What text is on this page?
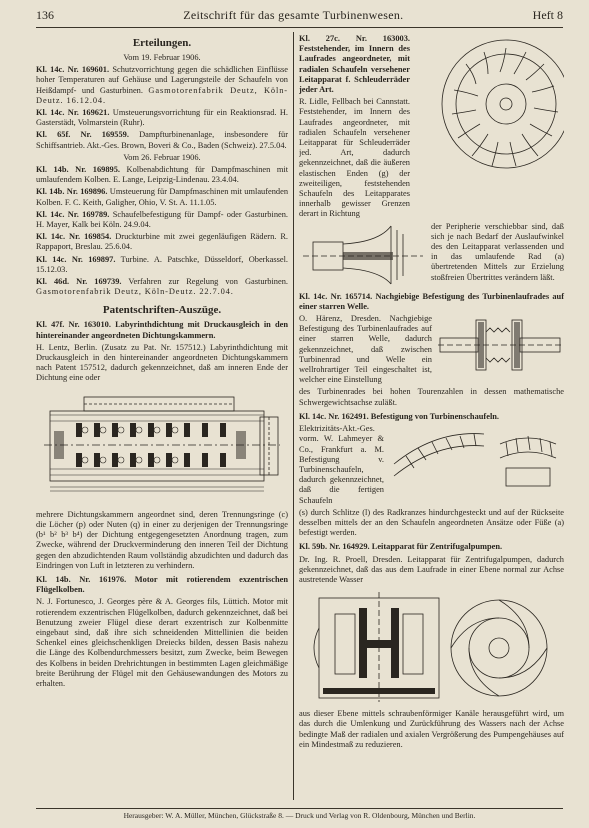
136	Zeitschrift für das gesamte Turbinenwesen.	Heft 8
Erteilungen.
Vom 19. Februar 1906.

Kl. 14c. Nr. 169601. Schutzvorrichtung gegen die schädlichen Einflüsse hoher Temperaturen auf Gehäuse und Lagerungsteile der Schaufeln von Heißdampf- und Gasturbinen. Gasmotorenfabrik Deutz, Köln-Deutz. 16.12.04.

Kl. 14c. Nr. 169621. Umsteuerungsvorrichtung für ein Reaktionsrad. H. Gasterstädt, Volmarstein (Ruhr).

Kl. 65f. Nr. 169559. Dampfturbinenanlage, insbesondere für Schiffsantrieb. Akt.-Ges. Brown, Boveri & Co., Baden (Schweiz). 27.5.04.

Vom 26. Februar 1906.

Kl. 14b. Nr. 169895. Kolbenabdichtung für Dampfmaschinen mit umlaufendem Kolben. E. Lange, Leipzig-Lindenau. 23.4.04.

Kl. 14b. Nr. 169896. Umsteuerung für Dampfmaschinen mit umlaufenden Kolben. F. C. Keith, Galigher, Ohio, V. St. A. 11.1.05.

Kl. 14c. Nr. 169789. Schaufelbefestigung für Dampf- oder Gasturbinen. H. Mayer, Kalk bei Köln. 24.9.04.

Kl. 14c. Nr. 169854. Druckturbine mit zwei gegenläufigen Rädern. R. Rappaport, Breslau. 25.6.04.

Kl. 14c. Nr. 169897. Turbine. A. Patschke, Düsseldorf, Oberkassel. 15.12.03.

Kl. 46d. Nr. 169739. Verfahren zur Regelung von Gasturbinen. Gasmotorenfabrik Deutz, Köln-Deutz. 22.7.04.

Patentschriften-Auszüge.

Kl. 47f. Nr. 163010. Labyrinthdichtung mit Druckausgleich in den hintereinander angeordneten Dichtungskammern.

H. Lentz, Berlin. (Zusatz zu Pat. Nr. 157512.) Labyrinthdichtung mit Druckausgleich in den hintereinander angeordneten Dichtungskammern nach Patent 157512, dadurch gekennzeichnet, daß am inneren Ende der Dichtung eine oder

mehrere Dichtungskammern angeordnet sind, deren Trennungsringe (c) die Löcher (p) oder Nuten (q) in einer zu derjenigen der Trennungsringe (b¹ b² b³ b⁴) der Dichtung entgegengesetzten Anordnung tragen, zum Zwecke, während der Druckverminderung den inneren Teil der Dichtung gegen den abzudichtenden Raum vollständig abzudichten und dadurch das Eindringen von Luft in letzteren zu verhindern.

Kl. 14b. Nr. 161976. Motor mit rotierendem exzentrischen Flügelkolben.

N. J. Fortunesco, J. Georges père & A. Georges fils, Lüttich. Motor mit rotierendem exzentrischen Flügelkolben, dadurch gekennzeichnet, daß bei Benutzung zweier Flügel diese derart exzentrisch zur Kolbenmitte eingebaut sind, daß ihre sich schneidenden Mittellinien die beiden Schenkel eines gleichschenkligen Dreiecks bilden, dessen Basis nahezu die Länge des Kolbendurchmessers besitzt, zum Zwecke, beim Bewegen des Kolbens in beiden Drehrichtungen in bestimmten Lagen gleichmäßige breite Berührung der Flügel mit den Gehäusewandungen des Motors zu erhalten.

Kl. 27c. Nr. 163003. Feststehender, im Innern des Laufrades angeordneter, mit radialen Schaufeln versehener Leitapparat f. Schleuderräder jeder Art.

R. Lidle, Fellbach bei Cannstatt. Feststehender, im Innern des Laufrades angeordneter, mit radialen Schaufeln versehener Leitapparat für Schleuderräder jed. Art, dadurch gekennzeichnet, daß die äußeren elastischen Enden (g) der zweiteiligen, feststehenden Schaufeln des Leitapparates innerhalb gewisser Grenzen derart in Richtung

der Peripherie verschiebbar sind, daß sich je nach Bedarf der Auslaufwinkel des den Leitapparat verlassenden und in das umlaufende Rad (a) übertretenden Mittels zur Erzielung stoßfreien Übertrittes verändern läßt.

Kl. 14c. Nr. 165714. Nachgiebige Befestigung des Turbinenlaufrades auf einer starren Welle.

O. Härenz, Dresden. Nachgiebige Befestigung des Turbinenlaufrades auf einer starren Welle, dadurch gekennzeichnet, daß zwischen Turbinenrad und Welle ein wellrohrartiger Teil eingeschaltet ist, welcher eine Einstellung

des Turbinenrades bei hohen Tourenzahlen in dessen mathematische Schwergewichtsachse zuläßt.

Kl. 14c. Nr. 162491. Befestigung von Turbinenschaufeln.

Elektrizitäts-Akt.-Ges. vorm. W. Lahmeyer & Co., Frankfurt a. M. Befestigung v. Turbinenschaufeln, dadurch gekennzeichnet, daß die fertigen Schaufeln

(s) durch Schlitze (l) des Radkranzes hindurchgesteckt und auf der Rückseite desselben mittels der an den Schaufeln angeordneten Ansätze oder Füße (a) befestigt werden.

Kl. 59b. Nr. 164929. Leitapparat für Zentrifugalpumpen.

Dr. Ing. R. Proell, Dresden. Leitapparat für Zentrifugalpumpen, dadurch gekennzeichnet, daß das aus dem Laufrade in einer Ebene normal zur Achse austretende Wasser

aus dieser Ebene mittels schraubenförmiger Kanäle herausgeführt wird, um das durch die Umlenkung und Zurückführung des Wassers nach der Achse bedingte Maß der radialen und axialen Vergrößerung des Pumpengehäuses auf ein Mindestmaß zu reduzieren.

Herausgeber: W. A. Müller, München, Glückstraße 8. — Druck und Verlag von R. Oldenbourg, München und Berlin.
